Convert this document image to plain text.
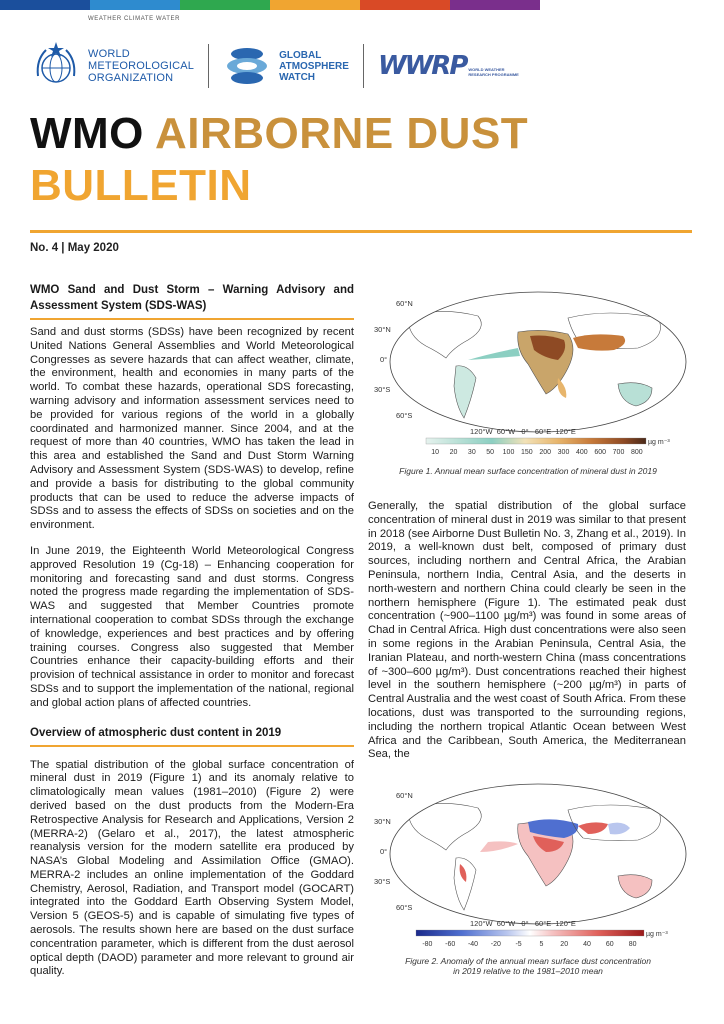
WEATHER CLIMATE WATER
WORLD
METEOROLOGICAL
ORGANIZATION
GLOBAL
ATMOSPHERE
WATCH	WWRP WORLD WEATHER
RESEARCH PROGRAMME
WMO AIRBORNE DUST
BULLETIN
No. 4 | May 2020
WMO Sand and Dust Storm – Warning Advisory and Assessment System (SDS-WAS)

Sand and dust storms (SDSs) have been recognized by recent United Nations General Assemblies and World Meteorological Congresses as severe hazards that can affect weather, climate, the environment, health and economies in many parts of the world. To combat these hazards, operational SDS forecasting, warning advisory and information assessment services need to be provided for various regions of the world in a globally coordinated and harmonized manner. Since 2004, and at the request of more than 40 countries, WMO has taken the lead in this area and established the Sand and Dust Storm Warning Advisory and Assessment System (SDS-WAS) to develop, refine and provide a basis for distributing to the global community products that can be used to reduce the adverse impacts of SDSs and to assess the effects of SDSs on societies and on the environment.

In June 2019, the Eighteenth World Meteorological Congress approved Resolution 19 (Cg-18) – Enhancing cooperation for monitoring and forecasting sand and dust storms. Congress noted the progress made regarding the implementation of SDS-WAS and suggested that Member Countries promote international cooperation to combat SDSs through the exchange of knowledge, experiences and best practices and by offering training courses. Congress also suggested that Member Countries enhance their capacity-building efforts and their provision of technical assistance in order to monitor and forecast SDSs and to support the implementation of the national, regional and global action plans of affected countries.

Overview of atmospheric dust content in 2019

The spatial distribution of the global surface concentration of mineral dust in 2019 (Figure 1) and its anomaly relative to climatologically mean values (1981–2010) (Figure 2) were derived based on the dust products from the Modern-Era Retrospective Analysis for Research and Applications, Version 2 (MERRA-2) (Gelaro et al., 2017), the latest atmospheric reanalysis version for the modern satellite era produced by NASA’s Global Modeling and Assimilation Office (GMAO). MERRA-2 includes an online implementation of the Goddard Chemistry, Aerosol, Radiation, and Transport model (GOCART) integrated into the Goddard Earth Observing System Model, Version 5 (GEOS-5) and is capable of simulating five types of aerosols. The results shown here are based on the dust surface concentration parameter, which is different from the dust aerosol optical depth (DAOD) parameter and more relevant to ground air quality.

60°N
30°N
0°
30°S
60°S
120°W  60°W   0°   60°E  120°E
µg m⁻³
10 20 30 50 100 150 200 300 400 600 700 800
Figure 1. Annual mean surface concentration of mineral dust in 2019

Generally, the spatial distribution of the global surface concentration of mineral dust in 2019 was similar to that present in 2018 (see Airborne Dust Bulletin No. 3, Zhang et al., 2019). In 2019, a well-known dust belt, composed of primary dust sources, including northern and Central Africa, the Arabian Peninsula, northern India, Central Asia, and the deserts in north-western and northern China could clearly be seen in the northern hemisphere (Figure 1). The estimated peak dust concentration (~900–1100 µg/m³) was found in some areas of Chad in Central Africa. High dust concentrations were also seen in some regions in the Arabian Peninsula, Central Asia, the Iranian Plateau, and north-western China (mass concentrations of ~300–600 µg/m³). Dust concentrations reached their highest level in the southern hemisphere (~200 µg/m³) in parts of Central Australia and the west coast of South Africa. From these locations, dust was transported to the surrounding regions, including the northern tropical Atlantic Ocean between West Africa and the Caribbean, South America, the Mediterranean Sea, the

60°N
30°N
0°
30°S
60°S
120°W  60°W   0°   60°E  120°E
µg m⁻³
-80 -60 -40 -20 -5	5 20 40 60 80
Figure 2. Anomaly of the annual mean surface dust concentration
in 2019 relative to the 1981–2010 mean
